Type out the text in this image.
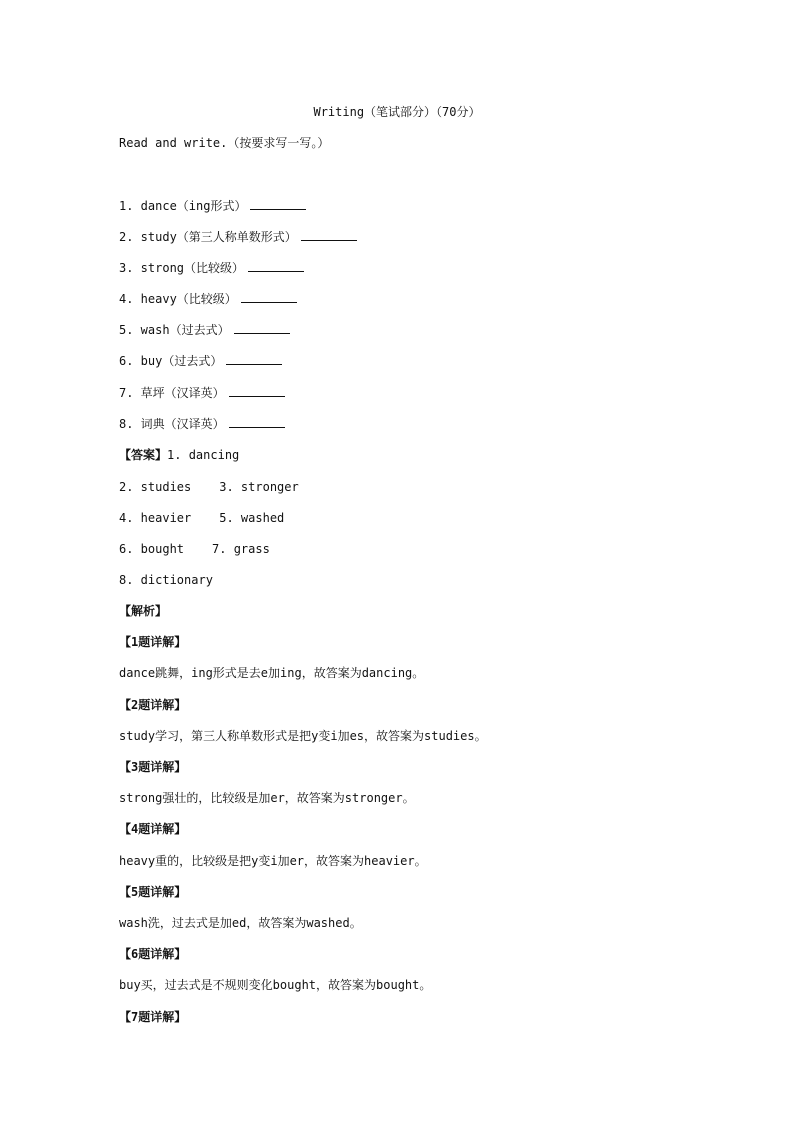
Writing（笔试部分）（70分）
Read and write.（按要求写一写。）
1. dance（ing形式）
2. study（第三人称单数形式）
3. strong（比较级）
4. heavy（比较级）
5. wash（过去式）
6. buy（过去式）
7. 草坪（汉译英）
8. 词典（汉译英）
【答案】1. dancing
2. studies 3. stronger
4. heavier 5. washed
6. bought 7. grass
8. dictionary
【解析】
【1题详解】
dance跳舞，ing形式是去e加ing，故答案为dancing。
【2题详解】
study学习，第三人称单数形式是把y变i加es，故答案为studies。
【3题详解】
strong强壮的，比较级是加er，故答案为stronger。
【4题详解】
heavy重的，比较级是把y变i加er，故答案为heavier。
【5题详解】
wash洗，过去式是加ed，故答案为washed。
【6题详解】
buy买，过去式是不规则变化bought，故答案为bought。
【7题详解】
